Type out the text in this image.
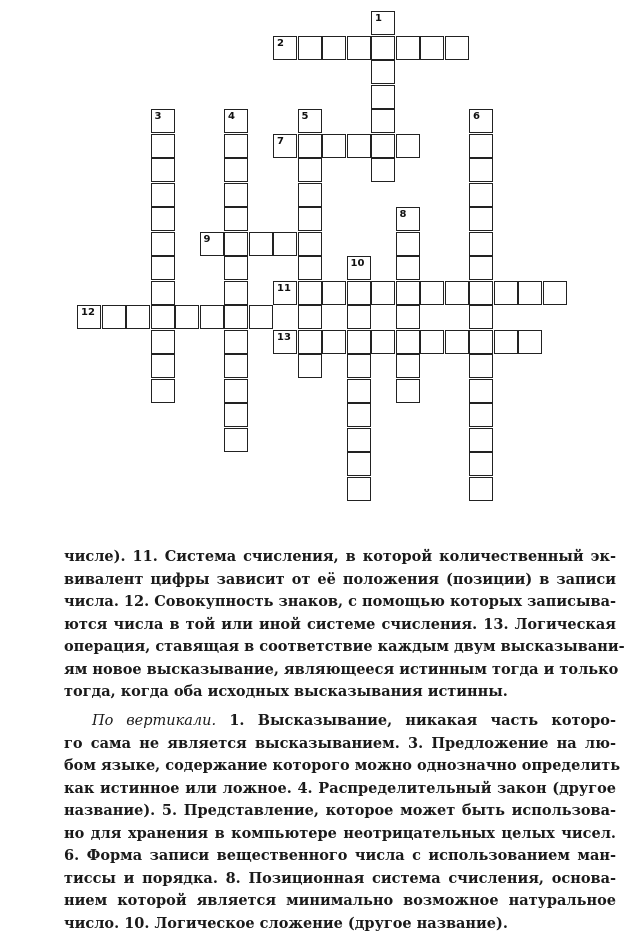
1
2
3	4	5	6
7
8
9
10
11
12
13
числе). 11. Система счисления, в которой количественный эк-
вивалент цифры зависит от её положения (позиции) в записи
числа. 12. Совокупность знаков, с помощью которых записыва-
ются числа в той или иной системе счисления. 13. Логическая
операция, ставящая в соответствие каждым двум высказывани-
ям новое высказывание, являющееся истинным тогда и только
тогда, когда оба исходных высказывания истинны.
По вертикали. 1. Высказывание, никакая часть которо-
го сама не является высказыванием. 3. Предложение на лю-
бом языке, содержание которого можно однозначно определить
как истинное или ложное. 4. Распределительный закон (другое
название). 5. Представление, которое может быть использова-
но для хранения в компьютере неотрицательных целых чисел.
6. Форма записи вещественного числа с использованием ман-
тиссы и порядка. 8. Позиционная система счисления, основа-
нием которой является минимально возможное натуральное
число. 10. Логическое сложение (другое название).
